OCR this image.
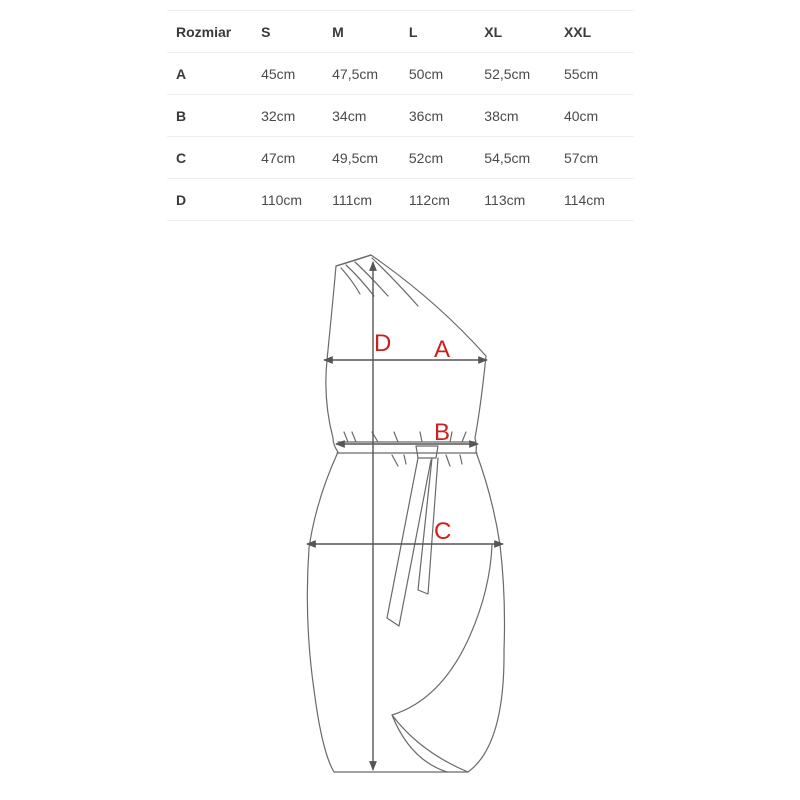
Rozmiar	S	M	L	XL	XXL
A	45cm	47,5cm	50cm	52,5cm	55cm
B	32cm	34cm	36cm	38cm	40cm
C	47cm	49,5cm	52cm	54,5cm	57cm
D	110cm	111cm	112cm	113cm	114cm
D A
B
C
